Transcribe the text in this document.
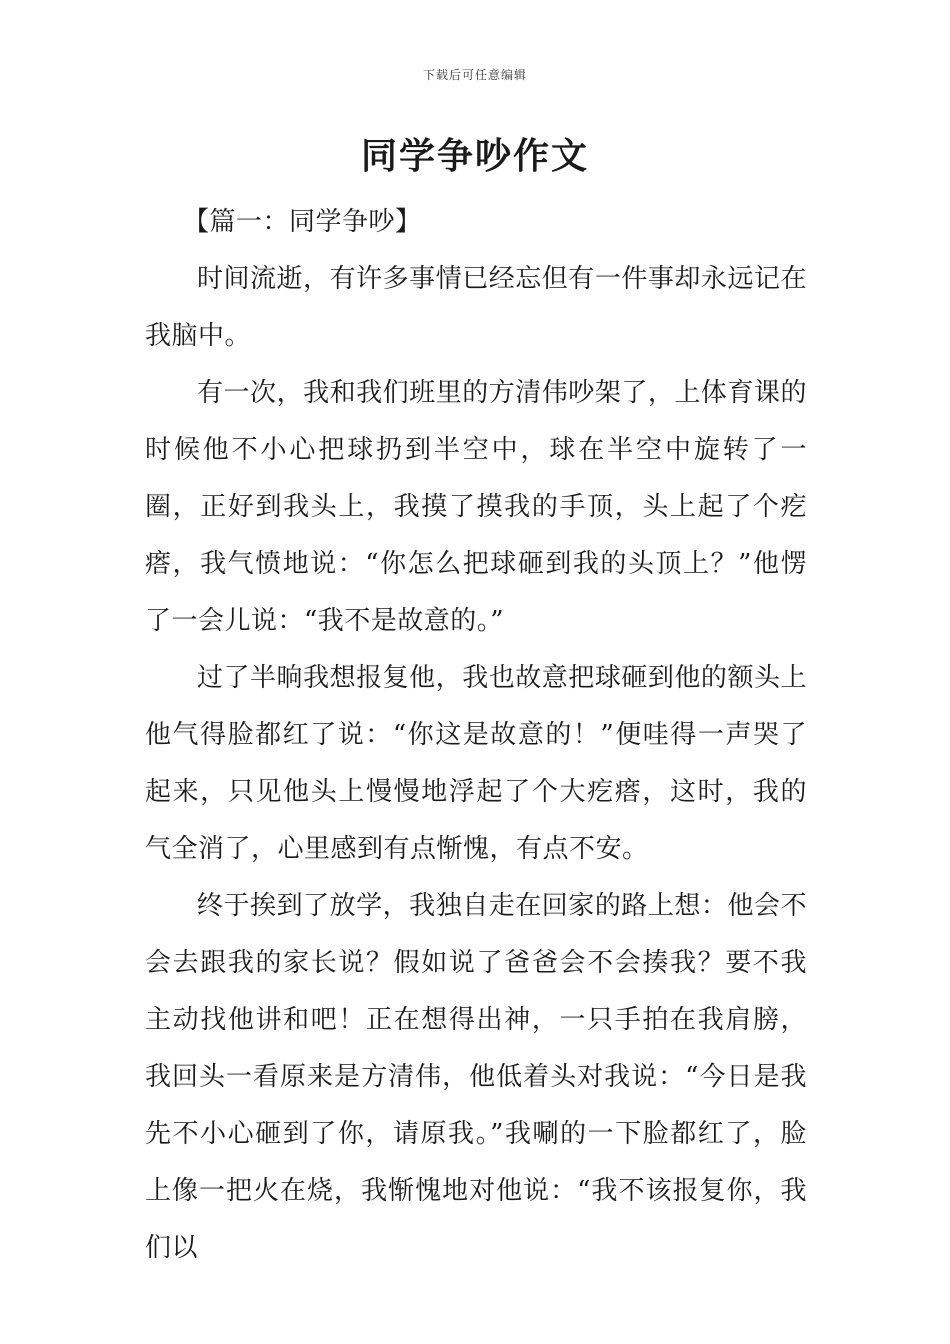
下载后可任意编辑
同学争吵作文

【篇一：同学争吵】

时间流逝，有许多事情已经忘但有一件事却永远记在我脑中。

有一次，我和我们班里的方清伟吵架了，上体育课的时候他不小心把球扔到半空中，球在半空中旋转了一圈，正好到我头上，我摸了摸我的手顶，头上起了个疙瘩，我气愤地说：“你怎么把球砸到我的头顶上？”他愣了一会儿说：“我不是故意的。”

过了半晌我想报复他，我也故意把球砸到他的额头上他气得脸都红了说：“你这是故意的！”便哇得一声哭了起来，只见他头上慢慢地浮起了个大疙瘩，这时，我的气全消了，心里感到有点惭愧，有点不安。

终于挨到了放学，我独自走在回家的路上想：他会不会去跟我的家长说？假如说了爸爸会不会揍我？要不我主动找他讲和吧！正在想得出神，一只手拍在我肩膀，我回头一看原来是方清伟，他低着头对我说：“今日是我先不小心砸到了你，请原我。”我唰的一下脸都红了，脸上像一把火在烧，我惭愧地对他说：“我不该报复你，我们以
